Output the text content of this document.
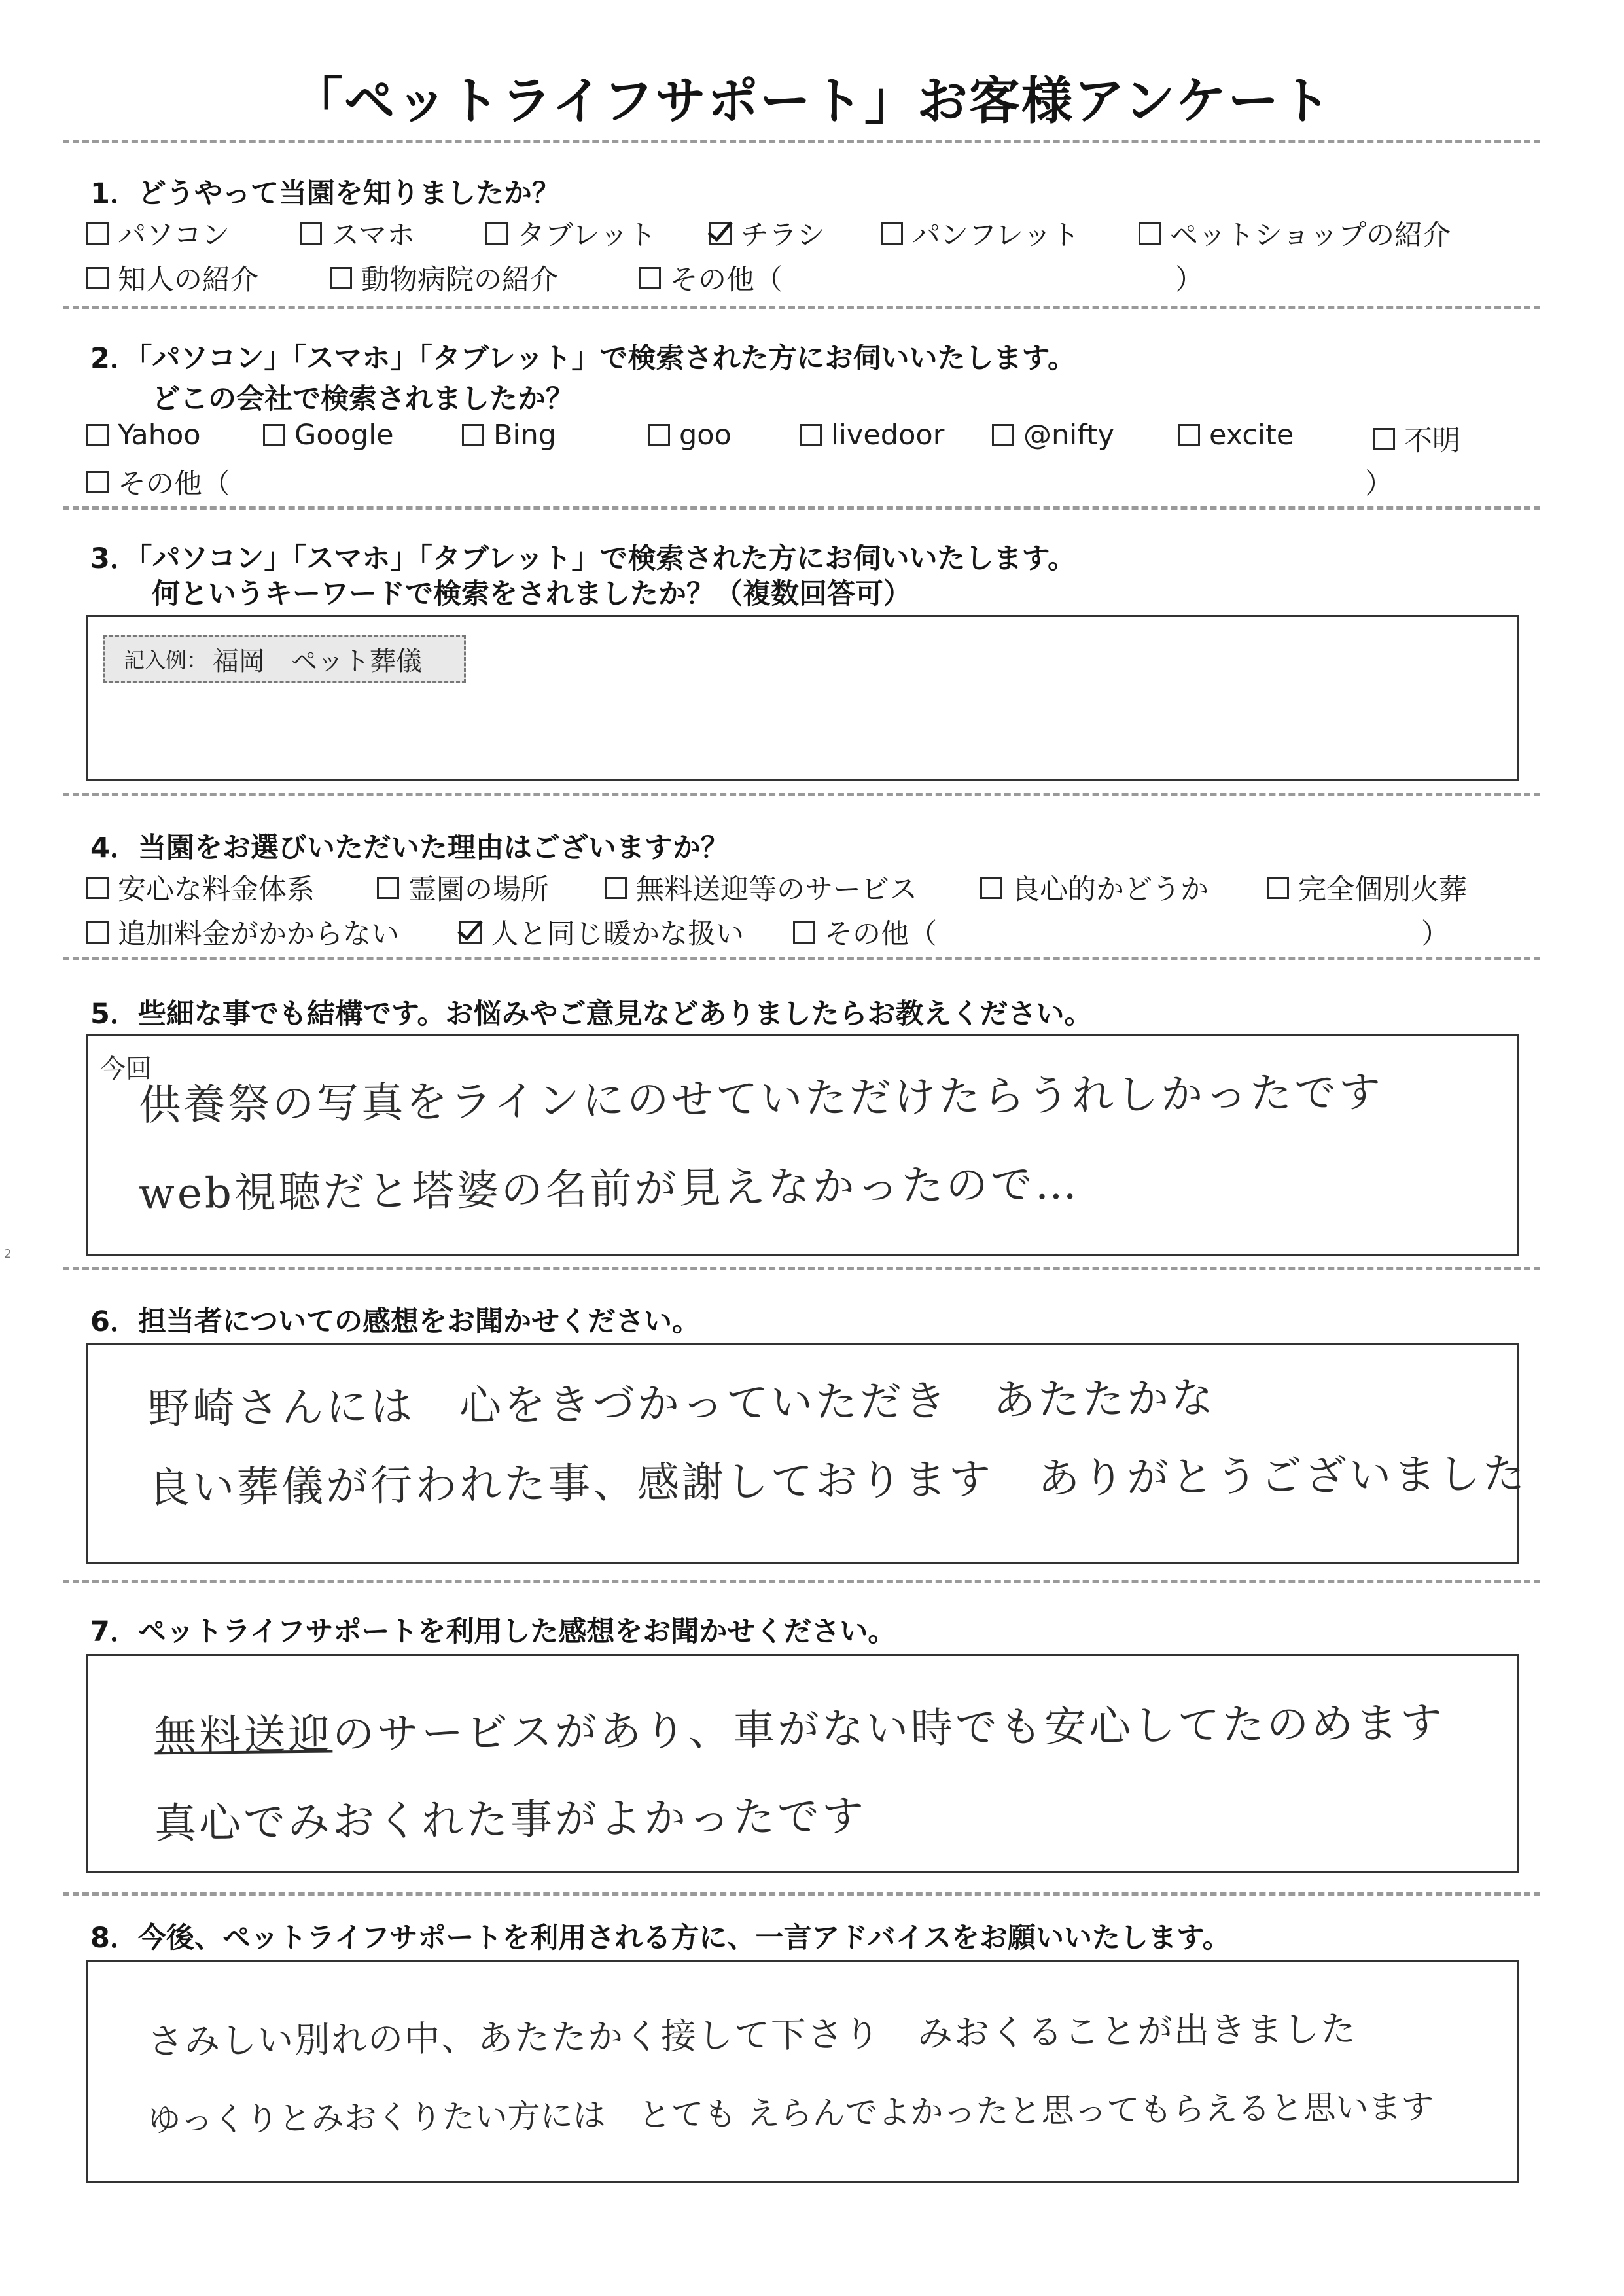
「ペットライフサポート」お客様アンケート
1．どうやって当園を知りましたか？
パソコン	スマホ	タブレット	チラシ	パンフレット	ペットショップの紹介
知人の紹介	動物病院の紹介	その他（	）
2．「パソコン」「スマホ」「タブレット」で検索された方にお伺いいたします。
どこの会社で検索されましたか？
Yahoo	Google	Bing	goo	livedoor	@nifty	excite	不明
その他（	）
3．「パソコン」「スマホ」「タブレット」で検索された方にお伺いいたします。
何というキーワードで検索をされましたか？（複数回答可）
記入例： 福岡　ペット葬儀
4．当園をお選びいただいた理由はございますか？
安心な料金体系	霊園の場所	無料送迎等のサービス	良心的かどうか	完全個別火葬
追加料金がかからない	人と同じ暖かな扱い	その他（	）
5．些細な事でも結構です。お悩みやご意見などありましたらお教えください。
今回
供養祭の写真をラインにのせていただけたらうれしかったです
web視聴だと塔婆の名前が見えなかったので…
6．担当者についての感想をお聞かせください。
野崎さんには　心をきづかっていただき　あたたかな
良い葬儀が行われた事、感謝しております　ありがとうございました
7．ペットライフサポートを利用した感想をお聞かせください。
無料送迎のサービスがあり、車がない時でも安心してたのめます
真心でみおくれた事がよかったです
8．今後、ペットライフサポートを利用される方に、一言アドバイスをお願いいたします。
さみしい別れの中、あたたかく接して下さり　みおくることが出きました
ゆっくりとみおくりたい方には　とても えらんでよかったと思ってもらえると思います
2
